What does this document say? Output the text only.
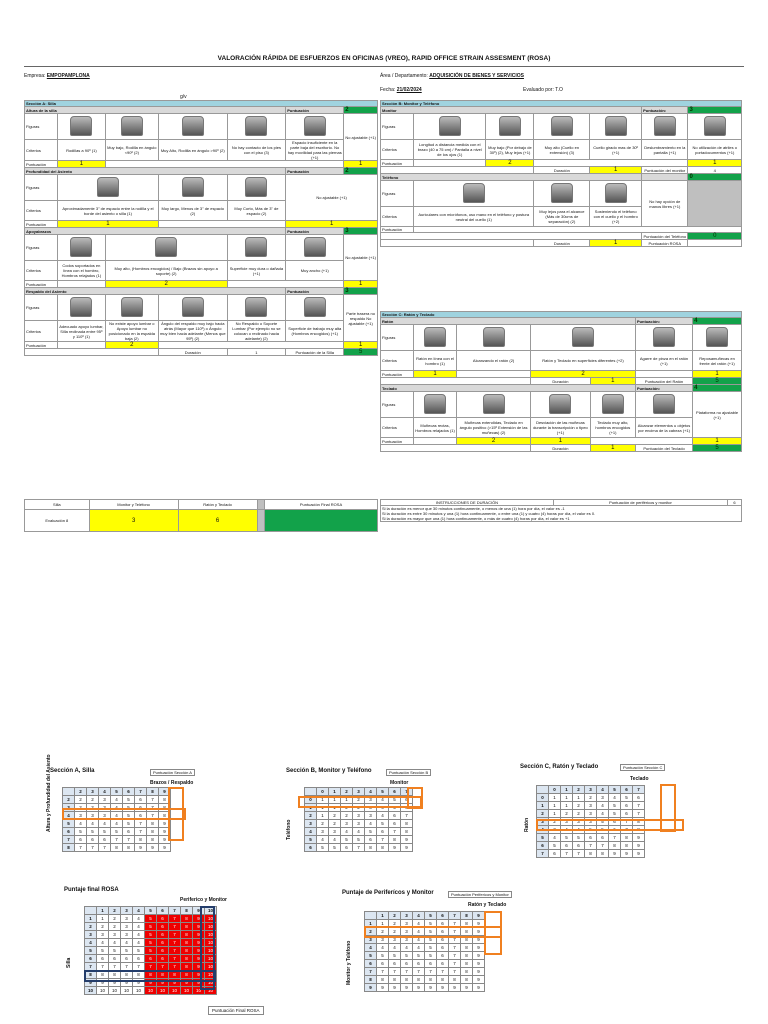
VALORACIÓN RÁPIDA DE ESFUERZOS EN OFICINAS (VREO), RAPID OFFICE STRAIN ASSESMENT (ROSA)
Empresa: EMPOPAMPLONA	Área / Departamento: ADQUISICIÓN DE BIENES Y SERVICIOS
Fecha: 21/02/2024	Evaluado por: T.O
g/v
Sección A: Silla						
Altura de la silla					Puntuación	2
Figuras						No ajustable (+1)
Criterios	Rodillas a 90º (1)	Muy bajo, Rodilla en ángulo <90º (2)	Muy Alto, Rodilla en ángulo >90º (2)	No hay contacto de los pies con el piso (3)	Espacio insuficiente en la parte baja del escritorio. No hay movilidad para las piernas (+1)	
Puntuación	1					1
Profundidad del Asiento					Puntuación	2
Figuras					No ajustable (+1)	
Criterios	Aproximadamente 3" de espacio entre la rodilla y el borde del asiento o silla (1)		Muy largo, Menos de 3" de espacio (2)	Muy Corto, Más de 3" de espacio (2)		
Puntuación	1				1	
Apoyabrazos					Puntuación	3
Figuras						No ajustable (+1)
Criterios	Codos soportados en línea con el hombro, Hombros relajados (1)	Muy alto, (Hombros encogidos) / Bajo (Brazos sin apoyo a soporte) (2)		Superficie muy dura o dañada (+1)	Muy ancho (+1)	
Puntuación		2				1
Respaldo del Asiento					Puntuación	3
Figuras						Parte trasera no respaldo No ajustable (+1)
Criterios	Adecuado apoyo lumbar, Silla reclinada entre 95º y 110º (1)	No existe apoyo lumbar o Apoyo lumbar no posicionado en la espalda baja (2)	Ángulo del respaldo muy bajo hacia atrás (Mayor que 110º) o Ángulo muy bien hacia adelante (Menos que 95º) (2)	No Respaldo o Soporte Lumbar (Por ejemplo no se colocan o reclinado hacia adelante) (2)	Superficie de trabajo muy alta (Hombros encogidos) (+1)	
Puntuación		2				1
			Duración	1	Puntuación de la Silla	5
Sección B: Monitor y Teléfono						
Monitor					Puntuación:	3
Figuras						
Criterios	Longitud a distancia medida con el brazo (40 a 75 cm) / Pantalla a nivel de los ojos (1)	Muy bajo (Por debajo de 30º) (2), Muy lejos (+1)	Muy alto (Cuello en extensión) (3)	Cuello girado mas de 30º (+1)	Deslumbramiento en la pantalla (+1)	No utilización de atriles o portadocumentos (+1)
Puntuación		2				1
			Duración	1	Puntuación del monitor	4
Teléfono						0
Figuras					No hay opción de manos libres (+1)	
Criterios	Auriculares con micrófonos, uso mano en el teléfono y postura neutral del cuello (1)		Muy lejos para el alcance (Más de 30cms de separación) (2)	Sosteniendo el teléfono con el cuello y el hombro (+2)		
Puntuación						
					Puntuación del Teléfono	0
			Duración	1	Puntuación ROSA	
Sección C: Ratón y Teclado						
Ratón					Puntuación:	4
Figuras						
Criterios	Ratón en línea con el hombro (1)	Alcanzando el ratón (2)	Ratón y Teclado en superficies diferentes (+2)		Agarre de pinza en el ratón (+1)	Reposamuñecas en frente del ratón (+1)
Puntuación	1		2			1
			Duración	1	Puntuación del Ratón	5
Teclado					Puntuación:	4
Figuras						Plataforma no ajustable (+1)
Criterios	Muñecas rectas, Hombros relajados (1)	Muñecas extendidas, Teclado en ángulo positivo (>15º Extensión de las muñecas) (2)	Desviación de las muñecas durante la transcripción o tipeo (+1)	Teclado muy alto, hombros encogidos (+1)	Alcanzar elementos u objetos por encima de la cabeza (+1)	
Puntuación		2	1			1
			Duración	1	Puntuación del Teclado	5
Silla	Monitor y Teléfono	Ratón y Teclado		Puntuación Final ROSA
Evaluación 8	3	6		
INSTRUCCIONES DE DURACIÓN	Puntuación de periféricos y monitor	6

Si la duración es menor que 30 minutos continuamente, o menos de una (1) hora por día, el valor es -1
Si la duración es entre 30 minutos y una (1) hora continuamente, o entre una (1) y cuatro (4) horas por día, el valor es 0.
Si la duración es mayor que una (1) hora continuamente, o más de cuatro (4) horas por día, el valor es +1
Sección A, Silla	Puntuación Sección A
Brazos / Respaldo
Altura y Profundidad del Asiento
		2	3	4	5	6	7	8	9
2	2	2	3	4	5	6	7	8
3	2	2	3	4	5	6	7	8
4	3	3	3	4	5	6	7	8
5	4	4	4	4	5	7	8	9
6	5	5	5	5	6	7	8	9
7	6	6	6	7	7	8	8	9
8	7	7	7	8	8	9	9	9
Sección B, Monitor y Teléfono	Puntuación Sección B
Monitor
Teléfono
	0	1	2	3	4	5	6	7
0	1	1	1	2	3	4	5	6
1	1	1	2	2	3	4	5	6
2	1	2	2	3	3	4	6	7
3	2	2	3	3	4	5	6	8
4	3	3	4	4	5	6	7	8
5	4	4	5	5	6	7	8	9
6	5	5	6	7	8	8	9	9
Sección C, Ratón y Teclado	Puntuación Sección C
Teclado
Ratón
	0	1	2	3	4	5	6	7
0	1	1	1	2	3	4	5	6
1	1	1	2	3	4	5	6	7
2	1	2	2	3	4	5	6	7
3	2	3	3	3	5	6	7	8
4	3	4	4	5	5	6	7	8
5	4	5	5	6	6	7	8	9
6	5	6	6	7	7	8	8	9
7	6	7	7	8	8	9	9	9
Puntaje final ROSA
Periferico y Monitor
Silla
	1	2	3	4	5	6	7	8	9	10
1	1	2	3	4	5	6	7	8	9	10
2	2	2	3	4	5	6	7	8	9	10
3	3	3	3	4	5	6	7	8	9	10
4	4	4	4	4	5	6	7	8	9	10
5	5	5	5	5	5	6	7	8	9	10
6	6	6	6	6	6	6	7	8	9	10
7	7	7	7	7	7	7	7	8	9	10
8	8	8	8	8	8	8	8	8	9	10
9	9	9	9	9	9	9	9	9	9	10
10	10	10	10	10	10	10	10	10	10	10
Puntuación Final ROSA
Puntaje de Periferícos y Monitor	Puntuación Periferícos y Monitor
Ratón y Teclado
Monitor y Teléfono
	1	2	3	4	5	6	7	8	9
1	1	2	3	4	5	6	7	8	9
2	2	2	3	4	5	6	7	8	9
3	3	3	3	4	5	6	7	8	9
4	4	4	4	4	5	6	7	8	9
5	5	5	5	5	5	6	7	8	9
6	6	6	6	6	6	6	7	8	9
7	7	7	7	7	7	7	7	8	9
8	8	8	8	8	8	8	8	8	9
9	9	9	9	9	9	9	9	9	9
